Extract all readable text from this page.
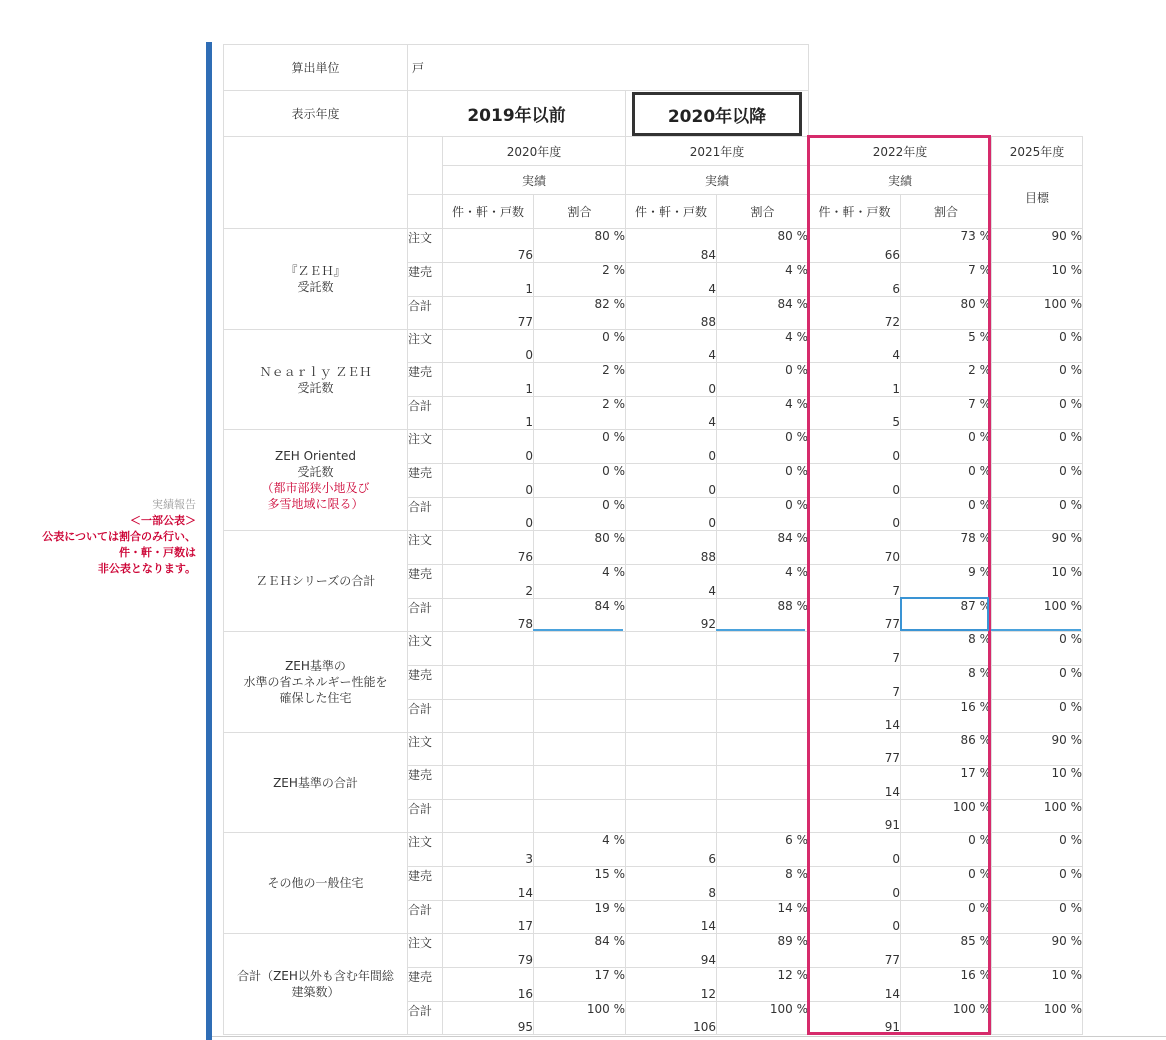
実績報告
＜一部公表＞
公表については割合のみ行い、
件・軒・戸数は
非公表となります。
算出単位	戸							
表示年度	2019年以前			2020年以降				

		2020年度		2021年度		2022年度		2025年度
		実績		実績		実績		目標
		件・軒・戸数	割合	件・軒・戸数	割合	件・軒・戸数	割合	

『ＺＥＨ』
受託数	注文	76	80 %	84	80 %	66	73 %	90 %
	建売	1	2 %	4	4 %	6	7 %	10 %
	合計	77	82 %	88	84 %	72	80 %	100 %

Ｎｅａｒｌｙ ＺＥＨ
受託数	注文	0	0 %	4	4 %	4	5 %	0 %
	建売	1	2 %	0	0 %	1	2 %	0 %
	合計	1	2 %	4	4 %	5	7 %	0 %

ZEH Oriented
受託数
（都市部狭小地及び
多雪地域に限る）	注文	0	0 %	0	0 %	0	0 %	0 %
	建売	0	0 %	0	0 %	0	0 %	0 %
	合計	0	0 %	0	0 %	0	0 %	0 %

ＺＥＨシリーズの合計	注文	76	80 %	88	84 %	70	78 %	90 %
	建売	2	4 %	4	4 %	7	9 %	10 %
	合計	78	84 %	92	88 %	77	87 %	100 %

ZEH基準の
水準の省エネルギー性能を
確保した住宅	注文					7	8 %	0 %
	建売					7	8 %	0 %
	合計					14	16 %	0 %

ZEH基準の合計	注文					77	86 %	90 %
	建売					14	17 %	10 %
	合計					91	100 %	100 %

その他の一般住宅	注文	3	4 %	6	6 %	0	0 %	0 %
	建売	14	15 %	8	8 %	0	0 %	0 %
	合計	17	19 %	14	14 %	0	0 %	0 %

合計（ZEH以外も含む年間総
建築数）	注文	79	84 %	94	89 %	77	85 %	90 %
	建売	16	17 %	12	12 %	14	16 %	10 %
	合計	95	100 %	106	100 %	91	100 %	100 %
